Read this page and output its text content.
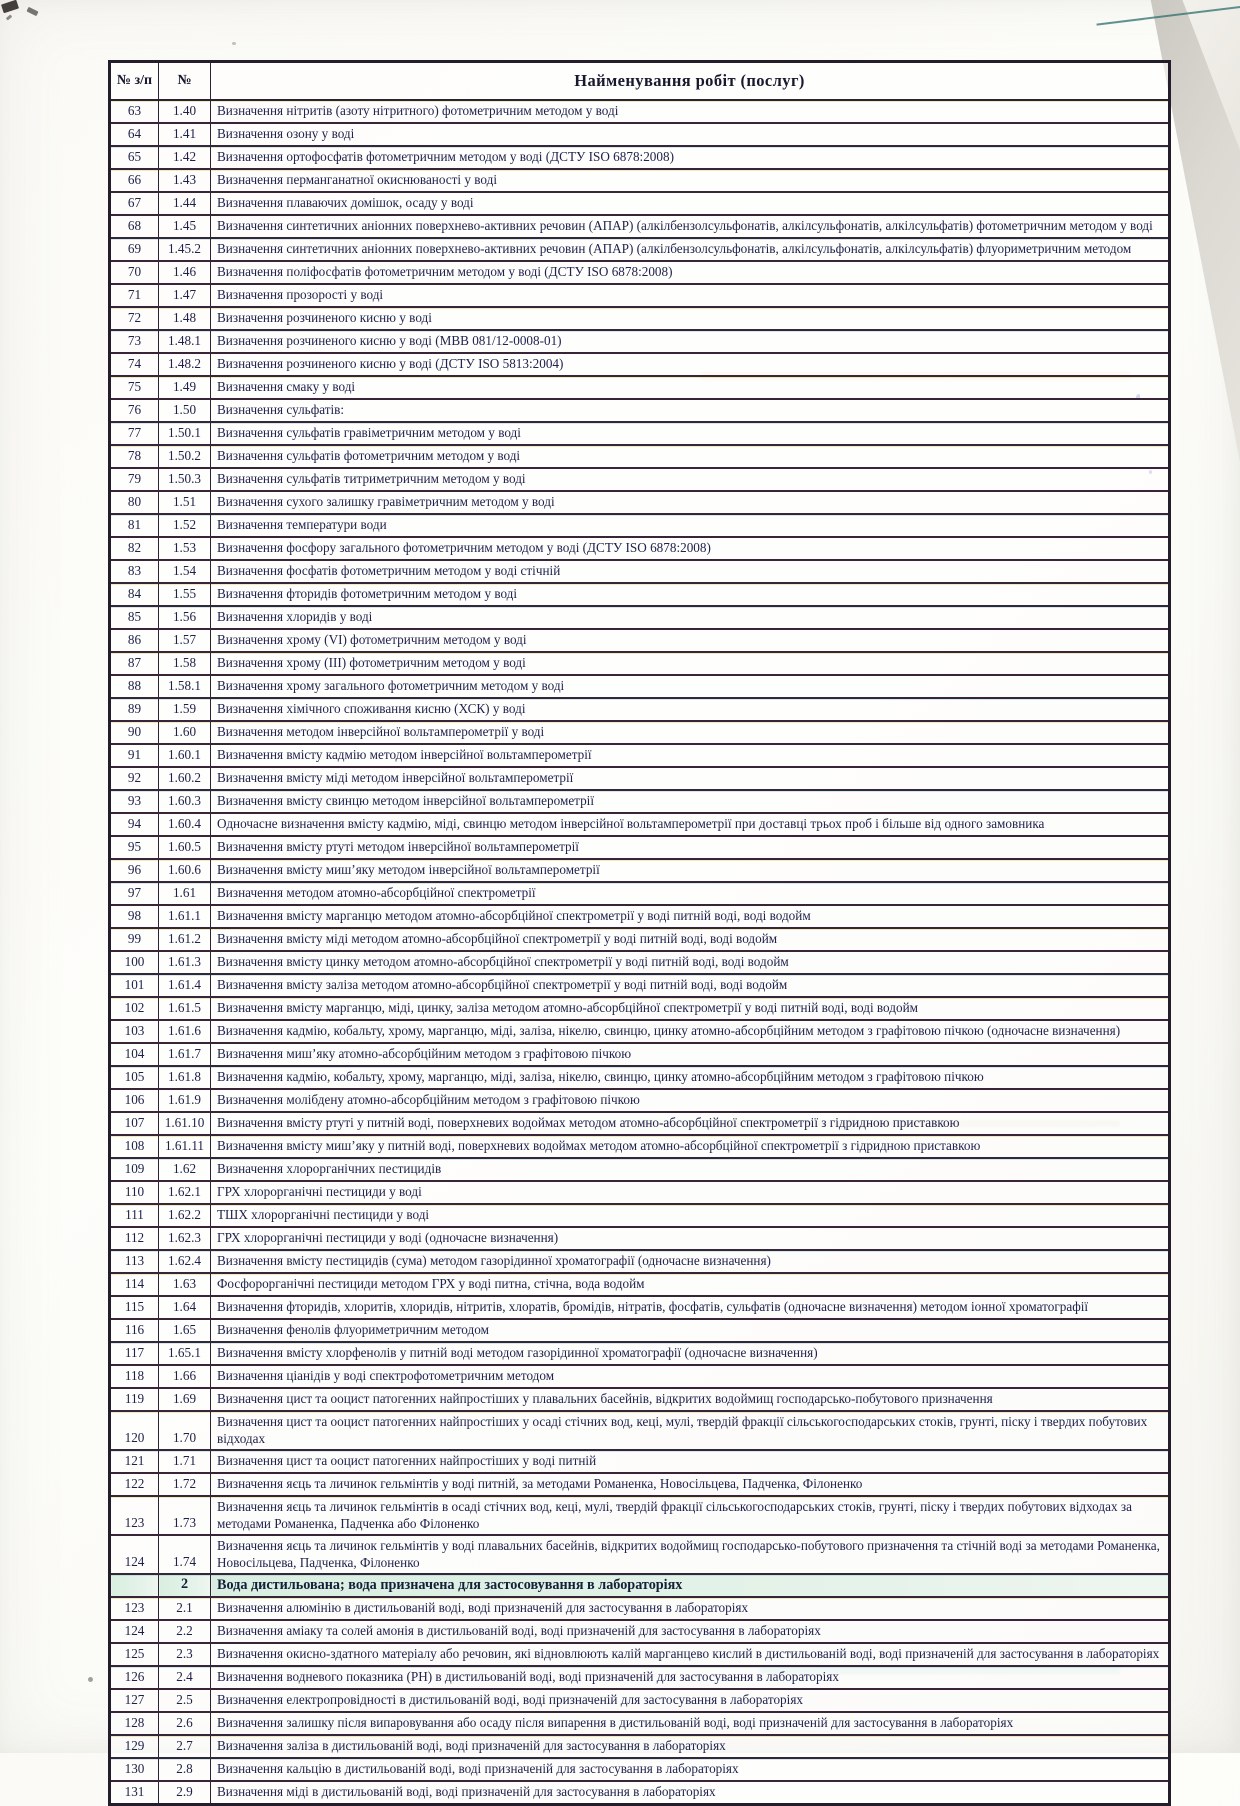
№ з/п	№	Найменування робіт (послуг)
63	1.40	Визначення нітритів (азоту нітритного) фотометричним методом у воді
64	1.41	Визначення озону у воді
65	1.42	Визначення ортофосфатів фотометричним методом у воді (ДСТУ ISO 6878:2008)
66	1.43	Визначення перманганатної окиснюваності у воді
67	1.44	Визначення плаваючих домішок, осаду у воді
68	1.45	Визначення синтетичних аніонних поверхнево-активних речовин (АПАР) (алкілбензолсульфонатів, алкілсульфонатів, алкілсульфатів) фотометричним методом у воді
69	1.45.2	Визначення синтетичних аніонних поверхнево-активних речовин (АПАР) (алкілбензолсульфонатів, алкілсульфонатів, алкілсульфатів) флуориметричним методом
70	1.46	Визначення поліфосфатів фотометричним методом у воді (ДСТУ ISO 6878:2008)
71	1.47	Визначення прозорості у воді
72	1.48	Визначення розчиненого кисню у воді
73	1.48.1	Визначення розчиненого кисню у воді (МВВ 081/12-0008-01)
74	1.48.2	Визначення розчиненого кисню у воді (ДСТУ ISO 5813:2004)
75	1.49	Визначення смаку у воді
76	1.50	Визначення сульфатів:
77	1.50.1	Визначення сульфатів гравіметричним методом у воді
78	1.50.2	Визначення сульфатів фотометричним методом у воді
79	1.50.3	Визначення сульфатів титриметричним методом у воді
80	1.51	Визначення сухого залишку гравіметричним методом у воді
81	1.52	Визначення температури води
82	1.53	Визначення фосфору загального фотометричним методом у воді (ДСТУ ISO 6878:2008)
83	1.54	Визначення фосфатів фотометричним методом у воді стічній
84	1.55	Визначення фторидів фотометричним методом у воді
85	1.56	Визначення хлоридів у воді
86	1.57	Визначення хрому (VI) фотометричним методом у воді
87	1.58	Визначення хрому (III) фотометричним методом у воді
88	1.58.1	Визначення хрому загального фотометричним методом у воді
89	1.59	Визначення хімічного споживання кисню (ХСК) у воді
90	1.60	Визначення методом інверсійної вольтамперометрії у воді
91	1.60.1	Визначення вмісту кадмію методом інверсійної вольтамперометрії
92	1.60.2	Визначення вмісту міді методом інверсійної вольтамперометрії
93	1.60.3	Визначення вмісту свинцю методом інверсійної вольтамперометрії
94	1.60.4	Одночасне визначення вмісту кадмію, міді, свинцю методом інверсійної вольтамперометрії при доставці трьох проб і більше від одного замовника
95	1.60.5	Визначення вмісту ртуті методом інверсійної вольтамперометрії
96	1.60.6	Визначення вмісту миш’яку методом інверсійної вольтамперометрії
97	1.61	Визначення методом атомно-абсорбційної спектрометрії
98	1.61.1	Визначення вмісту марганцю методом атомно-абсорбційної спектрометрії у воді питній воді, воді водойм
99	1.61.2	Визначення вмісту міді методом атомно-абсорбційної спектрометрії у воді питній воді, воді водойм
100	1.61.3	Визначення вмісту цинку методом атомно-абсорбційної спектрометрії у воді питній воді, воді водойм
101	1.61.4	Визначення вмісту заліза методом атомно-абсорбційної спектрометрії у воді питній воді, воді водойм
102	1.61.5	Визначення вмісту марганцю, міді, цинку, заліза методом атомно-абсорбційної спектрометрії у воді питній воді, воді водойм
103	1.61.6	Визначення кадмію, кобальту, хрому, марганцю, міді, заліза, нікелю, свинцю, цинку атомно-абсорбційним методом з графітовою пічкою (одночасне визначення)
104	1.61.7	Визначення миш’яку атомно-абсорбційним методом з графітовою пічкою
105	1.61.8	Визначення кадмію, кобальту, хрому, марганцю, міді, заліза, нікелю, свинцю, цинку атомно-абсорбційним методом з графітовою пічкою
106	1.61.9	Визначення молібдену атомно-абсорбційним методом з графітовою пічкою
107	1.61.10	Визначення вмісту ртуті у питній воді, поверхневих водоймах методом атомно-абсорбційної спектрометрії з гідридною приставкою
108	1.61.11	Визначення вмісту миш’яку у питній воді, поверхневих водоймах методом атомно-абсорбційної спектрометрії з гідридною приставкою
109	1.62	Визначення хлорорганічних пестицидів
110	1.62.1	ГРХ хлорорганічні пестициди у воді
111	1.62.2	ТШХ хлорорганічні пестициди у воді
112	1.62.3	ГРХ хлорорганічні пестициди у воді (одночасне визначення)
113	1.62.4	Визначення вмісту пестицидів (сума) методом газорідинної хроматографії (одночасне визначення)
114	1.63	Фосфорорганічні пестициди методом ГРХ у воді питна, стічна, вода водойм
115	1.64	Визначення фторидів, хлоритів, хлоридів, нітритів, хлоратів, бромідів, нітратів, фосфатів, сульфатів (одночасне визначення) методом іонної хроматографії
116	1.65	Визначення фенолів флуориметричним методом
117	1.65.1	Визначення вмісту хлорфенолів у питній воді методом газорідинної хроматографії (одночасне визначення)
118	1.66	Визначення ціанідів у воді спектрофотометричним методом
119	1.69	Визначення цист та ооцист патогенних найпростіших у плавальних басейнів, відкритих водоймищ господарсько-побутового призначення
120	1.70	Визначення цист та ооцист патогенних найпростіших у осаді стічних вод, кеці, мулі, твердій фракції сільськогосподарських стоків, грунті, піску і твердих побутових відходах
121	1.71	Визначення цист та ооцист патогенних найпростіших у воді питній
122	1.72	Визначення яєць та личинок гельмінтів у воді питній, за методами Романенка, Новосільцева, Падченка, Філоненко
123	1.73	Визначення яєць та личинок гельмінтів в осаді стічних вод, кеці, мулі, твердій фракції сільськогосподарських стоків, грунті, піску і твердих побутових відходах за методами Романенка, Падченка або Філоненко
124	1.74	Визначення яєць та личинок гельмінтів у воді плавальних басейнів, відкритих водоймищ господарсько-побутового призначення та стічній воді за методами Романенка, Новосільцева, Падченка, Філоненко
	2	Вода дистильована; вода призначена для застосовування в лабораторіях
123	2.1	Визначення алюмінію в дистильованій воді, воді призначеній для застосування в лабораторіях
124	2.2	Визначення аміаку та солей амонія в дистильованій воді, воді призначеній для застосування в лабораторіях
125	2.3	Визначення окисно-здатного матеріалу або речовин, які відновлюють калій марганцево кислий в дистильованій воді, воді призначеній для застосування в лабораторіях
126	2.4	Визначення водневого показника (РН) в дистильованій воді, воді призначеній для застосування в лабораторіях
127	2.5	Визначення електропровідності в дистильованій воді, воді призначеній для застосування в лабораторіях
128	2.6	Визначення залишку після випаровування або осаду після випарення в дистильованій воді, воді призначеній для застосування в лабораторіях
129	2.7	Визначення заліза в дистильованій воді, воді призначеній для застосування в лабораторіях
130	2.8	Визначення кальцію в дистильованій воді, воді призначеній для застосування в лабораторіях
131	2.9	Визначення міді в дистильованій воді, воді призначеній для застосування в лабораторіях
